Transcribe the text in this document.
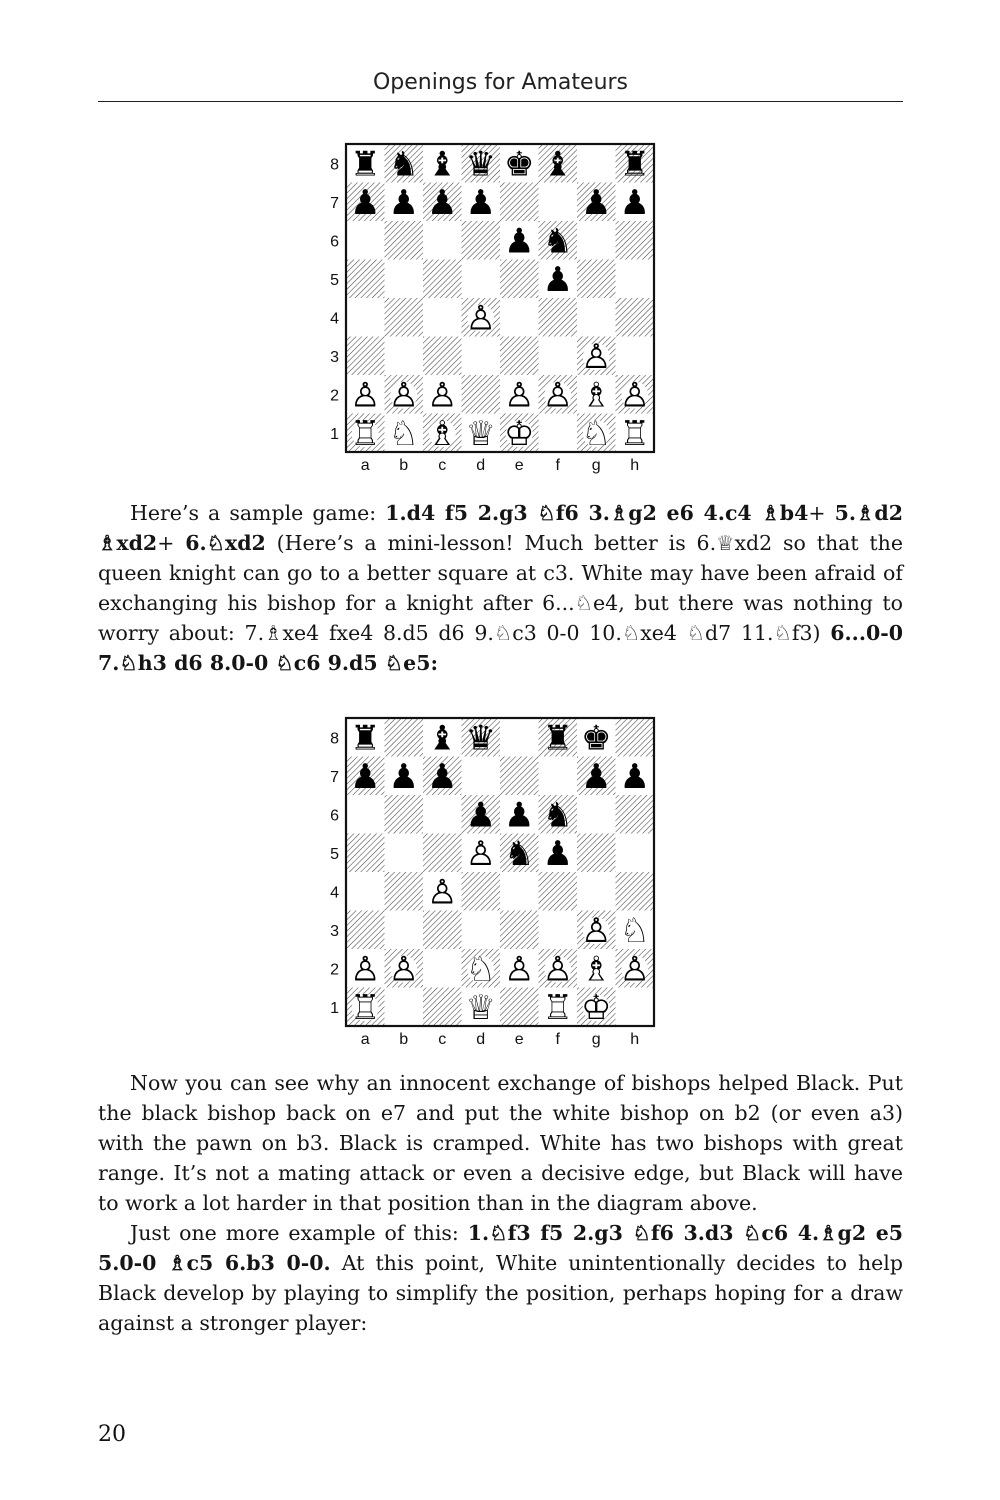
Openings for Amateurs
8
7
6
5
4
3
2
1
a b c d e f g h
♜ ♞ ♝ ♛ ♚ ♝ ♜
♟ ♟ ♟ ♟	♟ ♟
♟ ♞
♟
♙
♙
♙ ♙ ♙ ♙ ♙ ♗ ♙
♖ ♘ ♗ ♕ ♔ ♘ ♖

Here’s a sample game: 1.d4 f5 2.g3 ♘f6 3.♗g2 e6 4.c4 ♗b4+ 5.♗d2 ♗xd2+ 6.♘xd2 (Here’s a mini-lesson! Much better is 6.♕xd2 so that the queen knight can go to a better square at c3. White may have been afraid of exchanging his bishop for a knight after 6...♘e4, but there was nothing to worry about: 7.♗xe4 fxe4 8.d5 d6 9.♘c3 0-0 10.♘xe4 ♘d7 11.♘f3) 6...0-0 7.♘h3 d6 8.0-0 ♘c6 9.d5 ♘e5:

8
7
6
5
4
3
2
1
a b c d e f g h
♜ ♝ ♛ ♜ ♚
♟ ♟ ♟	♟ ♟
♟ ♟ ♞
♙ ♞ ♟
♙
♙ ♘
♙ ♙ ♘ ♙ ♙ ♗ ♙
♖	♕ ♖ ♔

Now you can see why an innocent exchange of bishops helped Black. Put the black bishop back on e7 and put the white bishop on b2 (or even a3) with the pawn on b3. Black is cramped. White has two bishops with great range. It’s not a mating attack or even a decisive edge, but Black will have to work a lot harder in that position than in the diagram above.

Just one more example of this: 1.♘f3 f5 2.g3 ♘f6 3.d3 ♘c6 4.♗g2 e5 5.0-0 ♗c5 6.b3 0-0. At this point, White unintentionally decides to help Black develop by playing to simplify the position, perhaps hoping for a draw against a stronger player:

20
